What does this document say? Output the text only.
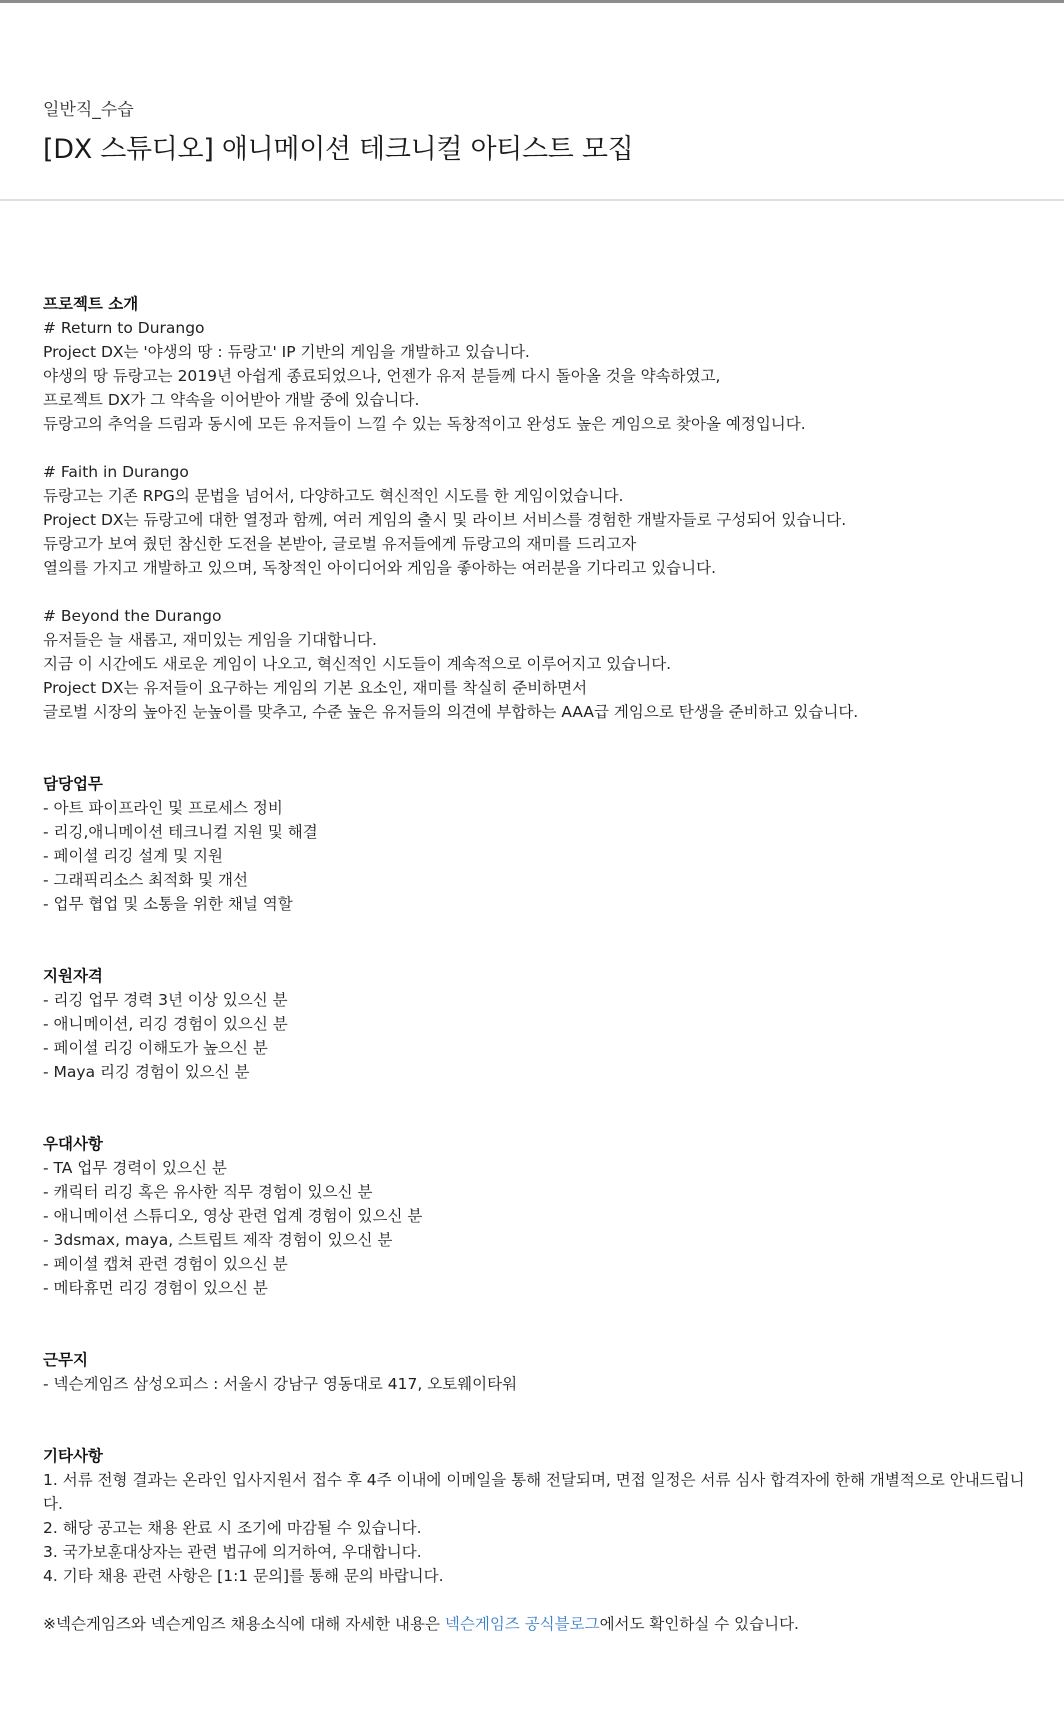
일반직_수습
[DX 스튜디오] 애니메이션 테크니컬 아티스트 모집
프로젝트 소개
# Return to Durango
Project DX는 '야생의 땅 : 듀랑고' IP 기반의 게임을 개발하고 있습니다.
야생의 땅 듀랑고는 2019년 아쉽게 종료되었으나, 언젠가 유저 분들께 다시 돌아올 것을 약속하였고,
프로젝트 DX가 그 약속을 이어받아 개발 중에 있습니다.
듀랑고의 추억을 드림과 동시에 모든 유저들이 느낄 수 있는 독창적이고 완성도 높은 게임으로 찾아올 예정입니다.
# Faith in Durango
듀랑고는 기존 RPG의 문법을 넘어서, 다양하고도 혁신적인 시도를 한 게임이었습니다.
Project DX는 듀랑고에 대한 열정과 함께, 여러 게임의 출시 및 라이브 서비스를 경험한 개발자들로 구성되어 있습니다.
듀랑고가 보여 줬던 참신한 도전을 본받아, 글로벌 유저들에게 듀랑고의 재미를 드리고자
열의를 가지고 개발하고 있으며, 독창적인 아이디어와 게임을 좋아하는 여러분을 기다리고 있습니다.
# Beyond the Durango
유저들은 늘 새롭고, 재미있는 게임을 기대합니다.
지금 이 시간에도 새로운 게임이 나오고, 혁신적인 시도들이 계속적으로 이루어지고 있습니다.
Project DX는 유저들이 요구하는 게임의 기본 요소인, 재미를 착실히 준비하면서
글로벌 시장의 높아진 눈높이를 맞추고, 수준 높은 유저들의 의견에 부합하는 AAA급 게임으로 탄생을 준비하고 있습니다.
담당업무
- 아트 파이프라인 및 프로세스 정비
- 리깅,애니메이션 테크니컬 지원 및 해결
- 페이셜 리깅 설계 및 지원
- 그래픽리소스 최적화 및 개선
- 업무 협업 및 소통을 위한 채널 역할
지원자격
- 리깅 업무 경력 3년 이상 있으신 분
- 애니메이션, 리깅 경험이 있으신 분
- 페이셜 리깅 이해도가 높으신 분
- Maya 리깅 경험이 있으신 분
우대사항
- TA 업무 경력이 있으신 분
- 캐릭터 리깅 혹은 유사한 직무 경험이 있으신 분
- 애니메이션 스튜디오, 영상 관련 업계 경험이 있으신 분
- 3dsmax, maya, 스트립트 제작 경험이 있으신 분
- 페이셜 캡쳐 관련 경험이 있으신 분
- 메타휴먼 리깅 경험이 있으신 분
근무지
- 넥슨게임즈 삼성오피스 : 서울시 강남구 영동대로 417, 오토웨이타워
기타사항
1. 서류 전형 결과는 온라인 입사지원서 접수 후 4주 이내에 이메일을 통해 전달되며, 면접 일정은 서류 심사 합격자에 한해 개별적으로 안내드립니다.
2. 해당 공고는 채용 완료 시 조기에 마감될 수 있습니다.
3. 국가보훈대상자는 관련 법규에 의거하여, 우대합니다.
4. 기타 채용 관련 사항은 [1:1 문의]를 통해 문의 바랍니다.
※넥슨게임즈와 넥슨게임즈 채용소식에 대해 자세한 내용은 넥슨게임즈 공식블로그에서도 확인하실 수 있습니다.
